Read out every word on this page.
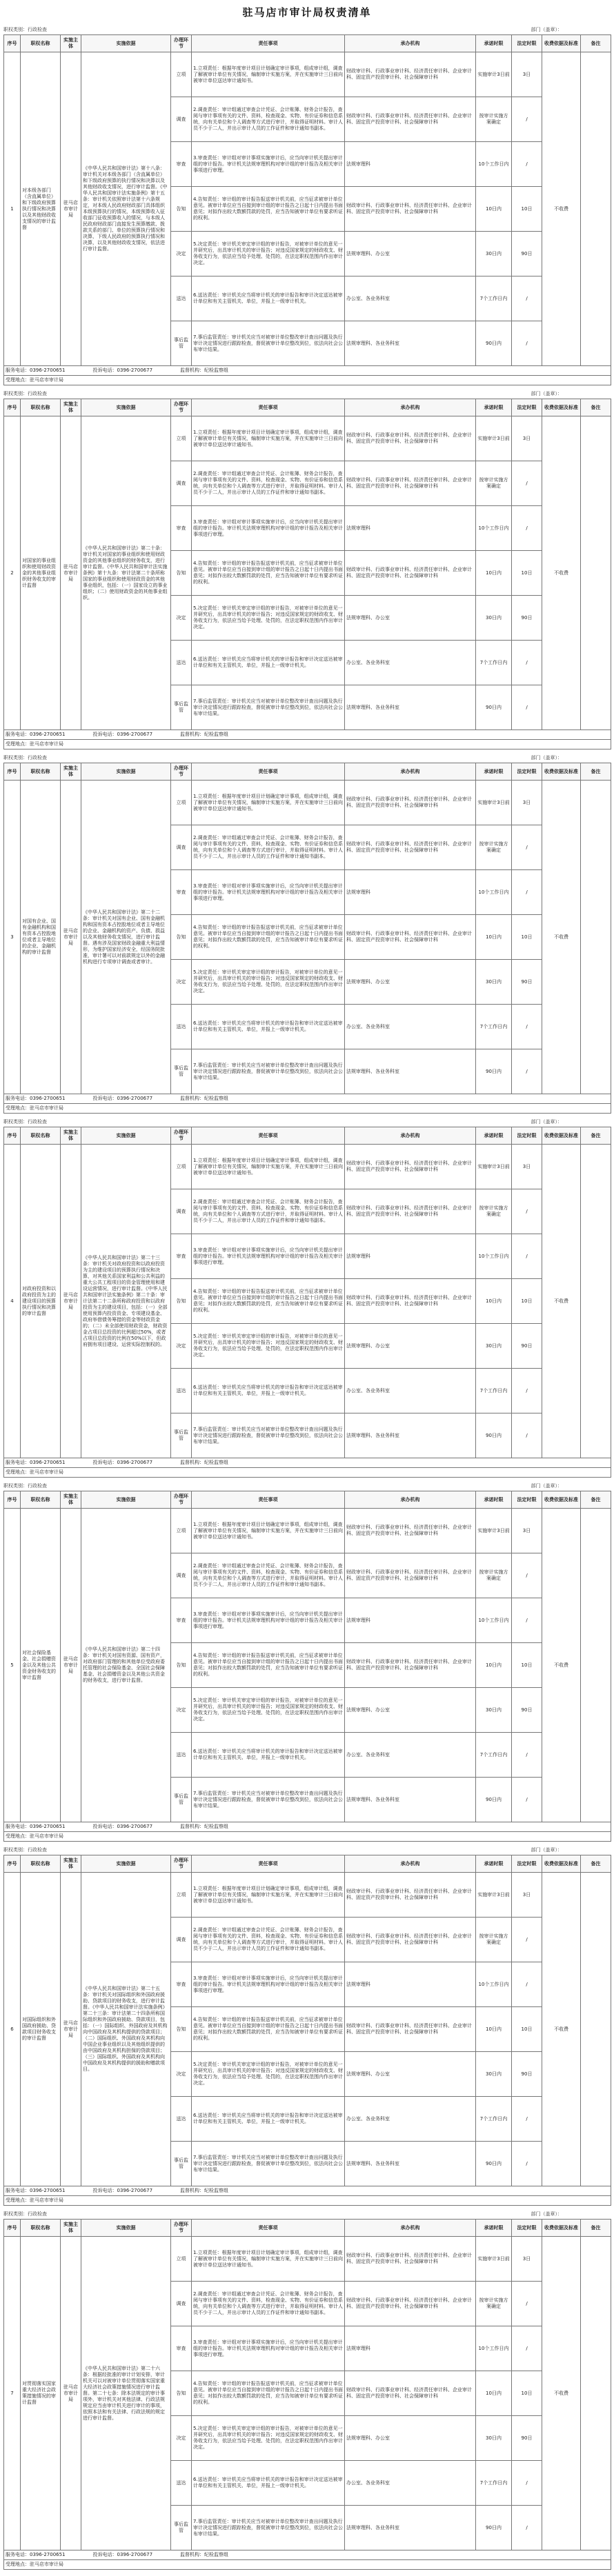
驻马店市审计局权责清单
职权类别：行政检查	部门（盖章）：
序号	职权名称	实施主体	实施依据	办理环节	责任事项	承办机构	承诺时限	法定时限	收费依据及标准	备注
1	对本级各部门（含直属单位）和下级政府预算执行情况和决算以及其他财政收支情况的审计监督	驻马店市审计局	《中华人民共和国审计法》第十八条：审计机关对本级各部门（含直属单位）和下级政府预算的执行情况和决算以及其他财政收支情况，进行审计监督。《中华人民共和国审计法实施条例》第十五条：审计机关依照审计法第十六条规定，对本级人民政府财政部门具体组织本级预算执行的情况，本级预算收入征收部门征收预算收入的情况，与本级人民政府财政部门直接发生预算缴款、拨款关系的部门、单位的预算执行情况和决算，下级人民政府的预算执行情况和决算，以及其他财政收支情况，依法进行审计监督。	立项	1.立项责任：根据年度审计项目计划确定审计事项，组成审计组，调查了解被审计单位有关情况，编制审计实施方案，并在实施审计三日前向被审计单位送达审计通知书。	财政审计科、行政事业审计科、经济责任审计科、企业审计科、固定资产投资审计科、社会保障审计科	实施审计3日前	3日	不收费	
				调查	2.调查责任：审计组通过审查会计凭证、会计账簿、财务会计报告，查阅与审计事项有关的文件、资料，检查现金、实物、有价证券和信息系统，向有关单位和个人调查等方式进行审计，并取得证明材料。审计人员不少于二人，并出示审计人员的工作证件和审计通知书副本。	财政审计科、行政事业审计科、经济责任审计科、企业审计科、固定资产投资审计科、社会保障审计科	按审计实施方案确定	/		
				审查	3.审查责任：审计组对审计事项实施审计后，应当向审计机关提出审计组的审计报告。审计机关法规审理机构对审计组的审计报告及相关审计事项进行审理。	法规审理科	10个工作日内	/		
				告知	4.告知责任：审计组的审计报告报送审计机关前，应当征求被审计单位意见。被审计单位应当自接到审计组的审计报告之日起十日内提出书面意见；对拟作出较大数额罚款的处罚，应当告知被审计单位有要求听证的权利。	财政审计科、行政事业审计科、经济责任审计科、企业审计科、固定资产投资审计科、社会保障审计科	10日内	10日		
				决定	5.决定责任：审计机关审定审计组的审计报告，对被审计单位的意见一并研究后，出具审计机关的审计报告；对违反国家规定的财政收支、财务收支行为，依法应当给予处理、处罚的，在法定职权范围内作出审计决定。	法规审理科、办公室	30日内	90日		
				送达	6.送达责任：审计机关应当将审计机关的审计报告和审计决定送达被审计单位和有关主管机关、单位，并报上一级审计机关。	办公室、各业务科室	7个工作日内	/		
				事后监管	7.事后监管责任：审计机关应当对被审计单位整改审计查出问题及执行审计决定情况进行跟踪检查，督促被审计单位整改到位，依法向社会公布审计结果。	法规审理科、各业务科室	90日内	/		
服务电话：0396-2700651 投诉电话：0396-2700677 监督机构：纪检监察组										
受理地点：驻马店市审计局										
职权类别：行政检查	部门（盖章）：
序号	职权名称	实施主体	实施依据	办理环节	责任事项	承办机构	承诺时限	法定时限	收费依据及标准	备注
2	对国家的事业组织和使用财政资金的其他事业组织财务收支的审计监督	驻马店市审计局	《中华人民共和国审计法》第二十条：审计机关对国家的事业组织和使用财政资金的其他事业组织的财务收支，进行审计监督。《中华人民共和国审计法实施条例》第十九条：审计法第二十条所称国家的事业组织和使用财政资金的其他事业组织，包括：（一）国家设立的事业组织；（二）使用财政资金的其他事业组织。	立项	1.立项责任：根据年度审计项目计划确定审计事项，组成审计组，调查了解被审计单位有关情况，编制审计实施方案，并在实施审计三日前向被审计单位送达审计通知书。	财政审计科、行政事业审计科、经济责任审计科、企业审计科、固定资产投资审计科、社会保障审计科	实施审计3日前	3日	不收费	
				调查	2.调查责任：审计组通过审查会计凭证、会计账簿、财务会计报告，查阅与审计事项有关的文件、资料，检查现金、实物、有价证券和信息系统，向有关单位和个人调查等方式进行审计，并取得证明材料。审计人员不少于二人，并出示审计人员的工作证件和审计通知书副本。	财政审计科、行政事业审计科、经济责任审计科、企业审计科、固定资产投资审计科、社会保障审计科	按审计实施方案确定	/		
				审查	3.审查责任：审计组对审计事项实施审计后，应当向审计机关提出审计组的审计报告。审计机关法规审理机构对审计组的审计报告及相关审计事项进行审理。	法规审理科	10个工作日内	/		
				告知	4.告知责任：审计组的审计报告报送审计机关前，应当征求被审计单位意见。被审计单位应当自接到审计组的审计报告之日起十日内提出书面意见；对拟作出较大数额罚款的处罚，应当告知被审计单位有要求听证的权利。	财政审计科、行政事业审计科、经济责任审计科、企业审计科、固定资产投资审计科、社会保障审计科	10日内	10日		
				决定	5.决定责任：审计机关审定审计组的审计报告，对被审计单位的意见一并研究后，出具审计机关的审计报告；对违反国家规定的财政收支、财务收支行为，依法应当给予处理、处罚的，在法定职权范围内作出审计决定。	法规审理科、办公室	30日内	90日		
				送达	6.送达责任：审计机关应当将审计机关的审计报告和审计决定送达被审计单位和有关主管机关、单位，并报上一级审计机关。	办公室、各业务科室	7个工作日内	/		
				事后监管	7.事后监管责任：审计机关应当对被审计单位整改审计查出问题及执行审计决定情况进行跟踪检查，督促被审计单位整改到位，依法向社会公布审计结果。	法规审理科、各业务科室	90日内	/		
服务电话：0396-2700651 投诉电话：0396-2700677 监督机构：纪检监察组										
受理地点：驻马店市审计局										
职权类别：行政检查	部门（盖章）：
序号	职权名称	实施主体	实施依据	办理环节	责任事项	承办机构	承诺时限	法定时限	收费依据及标准	备注
3	对国有企业、国有金融机构和国有资本占控股地位或者主导地位的企业、金融机构的审计监督	驻马店市审计局	《中华人民共和国审计法》第二十二条：审计机关对国有企业、国有金融机构和国有资本占控股地位或者主导地位的企业、金融机构的资产、负债、损益以及其他财务收支情况，进行审计监督。遇有涉及国家财政金融重大利益情形，为维护国家经济安全，经国务院批准，审计署可以对前款规定以外的金融机构进行专项审计调查或者审计。	立项	1.立项责任：根据年度审计项目计划确定审计事项，组成审计组，调查了解被审计单位有关情况，编制审计实施方案，并在实施审计三日前向被审计单位送达审计通知书。	财政审计科、行政事业审计科、经济责任审计科、企业审计科、固定资产投资审计科、社会保障审计科	实施审计3日前	3日	不收费	
				调查	2.调查责任：审计组通过审查会计凭证、会计账簿、财务会计报告，查阅与审计事项有关的文件、资料，检查现金、实物、有价证券和信息系统，向有关单位和个人调查等方式进行审计，并取得证明材料。审计人员不少于二人，并出示审计人员的工作证件和审计通知书副本。	财政审计科、行政事业审计科、经济责任审计科、企业审计科、固定资产投资审计科、社会保障审计科	按审计实施方案确定	/		
				审查	3.审查责任：审计组对审计事项实施审计后，应当向审计机关提出审计组的审计报告。审计机关法规审理机构对审计组的审计报告及相关审计事项进行审理。	法规审理科	10个工作日内	/		
				告知	4.告知责任：审计组的审计报告报送审计机关前，应当征求被审计单位意见。被审计单位应当自接到审计组的审计报告之日起十日内提出书面意见；对拟作出较大数额罚款的处罚，应当告知被审计单位有要求听证的权利。	财政审计科、行政事业审计科、经济责任审计科、企业审计科、固定资产投资审计科、社会保障审计科	10日内	10日		
				决定	5.决定责任：审计机关审定审计组的审计报告，对被审计单位的意见一并研究后，出具审计机关的审计报告；对违反国家规定的财政收支、财务收支行为，依法应当给予处理、处罚的，在法定职权范围内作出审计决定。	法规审理科、办公室	30日内	90日		
				送达	6.送达责任：审计机关应当将审计机关的审计报告和审计决定送达被审计单位和有关主管机关、单位，并报上一级审计机关。	办公室、各业务科室	7个工作日内	/		
				事后监管	7.事后监管责任：审计机关应当对被审计单位整改审计查出问题及执行审计决定情况进行跟踪检查，督促被审计单位整改到位，依法向社会公布审计结果。	法规审理科、各业务科室	90日内	/		
服务电话：0396-2700651 投诉电话：0396-2700677 监督机构：纪检监察组										
受理地点：驻马店市审计局										
职权类别：行政检查	部门（盖章）：
序号	职权名称	实施主体	实施依据	办理环节	责任事项	承办机构	承诺时限	法定时限	收费依据及标准	备注
4	对政府投资和以政府投资为主的建设项目的预算执行情况和决算的审计监督	驻马店市审计局	《中华人民共和国审计法》第二十三条：审计机关对政府投资和以政府投资为主的建设项目的预算执行情况和决算，对其他关系国家利益和公共利益的重大公共工程项目的资金管理使用和建设运营情况，进行审计监督。《中华人民共和国审计法实施条例》第二十条：审计法第二十二条所称政府投资和以政府投资为主的建设项目，包括：（一）全部使用预算内投资资金、专项建设基金、政府举借债务筹措的资金等财政资金的；（二）未全部使用财政资金，财政资金占项目总投资的比例超过50%，或者占项目总投资的比例在50%以下，但政府拥有项目建设、运营实际控制权的。	立项	1.立项责任：根据年度审计项目计划确定审计事项，组成审计组，调查了解被审计单位有关情况，编制审计实施方案，并在实施审计三日前向被审计单位送达审计通知书。	财政审计科、行政事业审计科、经济责任审计科、企业审计科、固定资产投资审计科、社会保障审计科	实施审计3日前	3日	不收费	
				调查	2.调查责任：审计组通过审查会计凭证、会计账簿、财务会计报告，查阅与审计事项有关的文件、资料，检查现金、实物、有价证券和信息系统，向有关单位和个人调查等方式进行审计，并取得证明材料。审计人员不少于二人，并出示审计人员的工作证件和审计通知书副本。	财政审计科、行政事业审计科、经济责任审计科、企业审计科、固定资产投资审计科、社会保障审计科	按审计实施方案确定	/		
				审查	3.审查责任：审计组对审计事项实施审计后，应当向审计机关提出审计组的审计报告。审计机关法规审理机构对审计组的审计报告及相关审计事项进行审理。	法规审理科	10个工作日内	/		
				告知	4.告知责任：审计组的审计报告报送审计机关前，应当征求被审计单位意见。被审计单位应当自接到审计组的审计报告之日起十日内提出书面意见；对拟作出较大数额罚款的处罚，应当告知被审计单位有要求听证的权利。	财政审计科、行政事业审计科、经济责任审计科、企业审计科、固定资产投资审计科、社会保障审计科	10日内	10日		
				决定	5.决定责任：审计机关审定审计组的审计报告，对被审计单位的意见一并研究后，出具审计机关的审计报告；对违反国家规定的财政收支、财务收支行为，依法应当给予处理、处罚的，在法定职权范围内作出审计决定。	法规审理科、办公室	30日内	90日		
				送达	6.送达责任：审计机关应当将审计机关的审计报告和审计决定送达被审计单位和有关主管机关、单位，并报上一级审计机关。	办公室、各业务科室	7个工作日内	/		
				事后监管	7.事后监管责任：审计机关应当对被审计单位整改审计查出问题及执行审计决定情况进行跟踪检查，督促被审计单位整改到位，依法向社会公布审计结果。	法规审理科、各业务科室	90日内	/		
服务电话：0396-2700651 投诉电话：0396-2700677 监督机构：纪检监察组										
受理地点：驻马店市审计局										
职权类别：行政检查	部门（盖章）：
序号	职权名称	实施主体	实施依据	办理环节	责任事项	承办机构	承诺时限	法定时限	收费依据及标准	备注
5	对社会保险基金、社会捐赠资金以及其他公共资金财务收支的审计监督	驻马店市审计局	《中华人民共和国审计法》第二十四条：审计机关对国有资源、国有资产，对政府部门管理的和其他单位受政府委托管理的社会保险基金、全国社会保障基金、社会捐赠资金以及其他公共资金的财务收支，进行审计监督。	立项	1.立项责任：根据年度审计项目计划确定审计事项，组成审计组，调查了解被审计单位有关情况，编制审计实施方案，并在实施审计三日前向被审计单位送达审计通知书。	财政审计科、行政事业审计科、经济责任审计科、企业审计科、固定资产投资审计科、社会保障审计科	实施审计3日前	3日	不收费	
				调查	2.调查责任：审计组通过审查会计凭证、会计账簿、财务会计报告，查阅与审计事项有关的文件、资料，检查现金、实物、有价证券和信息系统，向有关单位和个人调查等方式进行审计，并取得证明材料。审计人员不少于二人，并出示审计人员的工作证件和审计通知书副本。	财政审计科、行政事业审计科、经济责任审计科、企业审计科、固定资产投资审计科、社会保障审计科	按审计实施方案确定	/		
				审查	3.审查责任：审计组对审计事项实施审计后，应当向审计机关提出审计组的审计报告。审计机关法规审理机构对审计组的审计报告及相关审计事项进行审理。	法规审理科	10个工作日内	/		
				告知	4.告知责任：审计组的审计报告报送审计机关前，应当征求被审计单位意见。被审计单位应当自接到审计组的审计报告之日起十日内提出书面意见；对拟作出较大数额罚款的处罚，应当告知被审计单位有要求听证的权利。	财政审计科、行政事业审计科、经济责任审计科、企业审计科、固定资产投资审计科、社会保障审计科	10日内	10日		
				决定	5.决定责任：审计机关审定审计组的审计报告，对被审计单位的意见一并研究后，出具审计机关的审计报告；对违反国家规定的财政收支、财务收支行为，依法应当给予处理、处罚的，在法定职权范围内作出审计决定。	法规审理科、办公室	30日内	90日		
				送达	6.送达责任：审计机关应当将审计机关的审计报告和审计决定送达被审计单位和有关主管机关、单位，并报上一级审计机关。	办公室、各业务科室	7个工作日内	/		
				事后监管	7.事后监管责任：审计机关应当对被审计单位整改审计查出问题及执行审计决定情况进行跟踪检查，督促被审计单位整改到位，依法向社会公布审计结果。	法规审理科、各业务科室	90日内	/		
服务电话：0396-2700651 投诉电话：0396-2700677 监督机构：纪检监察组										
受理地点：驻马店市审计局										
职权类别：行政检查	部门（盖章）：
序号	职权名称	实施主体	实施依据	办理环节	责任事项	承办机构	承诺时限	法定时限	收费依据及标准	备注
6	对国际组织和外国政府援助、贷款项目财务收支的审计监督	驻马店市审计局	《中华人民共和国审计法》第二十五条：审计机关对国际组织和外国政府援助、贷款项目的财务收支，进行审计监督。《中华人民共和国审计法实施条例》第二十三条：审计法第二十四条所称国际组织和外国政府援助、贷款项目，包括：（一）国际组织、外国政府及其机构向中国政府及其机构提供的贷款项目；（二）国际组织、外国政府及其机构向中国企业事业组织以及其他组织提供的由中国政府及其机构担保的贷款项目；（三）国际组织、外国政府及其机构向中国政府及其机构提供的援助和赠款项目。	立项	1.立项责任：根据年度审计项目计划确定审计事项，组成审计组，调查了解被审计单位有关情况，编制审计实施方案，并在实施审计三日前向被审计单位送达审计通知书。	财政审计科、行政事业审计科、经济责任审计科、企业审计科、固定资产投资审计科、社会保障审计科	实施审计3日前	3日	不收费	
				调查	2.调查责任：审计组通过审查会计凭证、会计账簿、财务会计报告，查阅与审计事项有关的文件、资料，检查现金、实物、有价证券和信息系统，向有关单位和个人调查等方式进行审计，并取得证明材料。审计人员不少于二人，并出示审计人员的工作证件和审计通知书副本。	财政审计科、行政事业审计科、经济责任审计科、企业审计科、固定资产投资审计科、社会保障审计科	按审计实施方案确定	/		
				审查	3.审查责任：审计组对审计事项实施审计后，应当向审计机关提出审计组的审计报告。审计机关法规审理机构对审计组的审计报告及相关审计事项进行审理。	法规审理科	10个工作日内	/		
				告知	4.告知责任：审计组的审计报告报送审计机关前，应当征求被审计单位意见。被审计单位应当自接到审计组的审计报告之日起十日内提出书面意见；对拟作出较大数额罚款的处罚，应当告知被审计单位有要求听证的权利。	财政审计科、行政事业审计科、经济责任审计科、企业审计科、固定资产投资审计科、社会保障审计科	10日内	10日		
				决定	5.决定责任：审计机关审定审计组的审计报告，对被审计单位的意见一并研究后，出具审计机关的审计报告；对违反国家规定的财政收支、财务收支行为，依法应当给予处理、处罚的，在法定职权范围内作出审计决定。	法规审理科、办公室	30日内	90日		
				送达	6.送达责任：审计机关应当将审计机关的审计报告和审计决定送达被审计单位和有关主管机关、单位，并报上一级审计机关。	办公室、各业务科室	7个工作日内	/		
				事后监管	7.事后监管责任：审计机关应当对被审计单位整改审计查出问题及执行审计决定情况进行跟踪检查，督促被审计单位整改到位，依法向社会公布审计结果。	法规审理科、各业务科室	90日内	/		
服务电话：0396-2700651 投诉电话：0396-2700677 监督机构：纪检监察组										
受理地点：驻马店市审计局										
职权类别：行政检查	部门（盖章）：
序号	职权名称	实施主体	实施依据	办理环节	责任事项	承办机构	承诺时限	法定时限	收费依据及标准	备注
7	对贯彻落实国家重大经济社会政策措施情况的审计监督	驻马店市审计局	《中华人民共和国审计法》第二十六条：根据经批准的审计计划安排，审计机关可以对被审计单位贯彻落实国家重大经济社会政策措施情况进行审计监督。第二十七条：除本法规定的审计事项外，审计机关对其他法律、行政法规规定应当由审计机关进行审计的事项，依照本法和有关法律、行政法规的规定进行审计监督。	立项	1.立项责任：根据年度审计项目计划确定审计事项，组成审计组，调查了解被审计单位有关情况，编制审计实施方案，并在实施审计三日前向被审计单位送达审计通知书。	财政审计科、行政事业审计科、经济责任审计科、企业审计科、固定资产投资审计科、社会保障审计科	实施审计3日前	3日	不收费	
				调查	2.调查责任：审计组通过审查会计凭证、会计账簿、财务会计报告，查阅与审计事项有关的文件、资料，检查现金、实物、有价证券和信息系统，向有关单位和个人调查等方式进行审计，并取得证明材料。审计人员不少于二人，并出示审计人员的工作证件和审计通知书副本。	财政审计科、行政事业审计科、经济责任审计科、企业审计科、固定资产投资审计科、社会保障审计科	按审计实施方案确定	/		
				审查	3.审查责任：审计组对审计事项实施审计后，应当向审计机关提出审计组的审计报告。审计机关法规审理机构对审计组的审计报告及相关审计事项进行审理。	法规审理科	10个工作日内	/		
				告知	4.告知责任：审计组的审计报告报送审计机关前，应当征求被审计单位意见。被审计单位应当自接到审计组的审计报告之日起十日内提出书面意见；对拟作出较大数额罚款的处罚，应当告知被审计单位有要求听证的权利。	财政审计科、行政事业审计科、经济责任审计科、企业审计科、固定资产投资审计科、社会保障审计科	10日内	10日		
				决定	5.决定责任：审计机关审定审计组的审计报告，对被审计单位的意见一并研究后，出具审计机关的审计报告；对违反国家规定的财政收支、财务收支行为，依法应当给予处理、处罚的，在法定职权范围内作出审计决定。	法规审理科、办公室	30日内	90日		
				送达	6.送达责任：审计机关应当将审计机关的审计报告和审计决定送达被审计单位和有关主管机关、单位，并报上一级审计机关。	办公室、各业务科室	7个工作日内	/		
				事后监管	7.事后监管责任：审计机关应当对被审计单位整改审计查出问题及执行审计决定情况进行跟踪检查，督促被审计单位整改到位，依法向社会公布审计结果。	法规审理科、各业务科室	90日内	/		
服务电话：0396-2700651 投诉电话：0396-2700677 监督机构：纪检监察组										
受理地点：驻马店市审计局										
